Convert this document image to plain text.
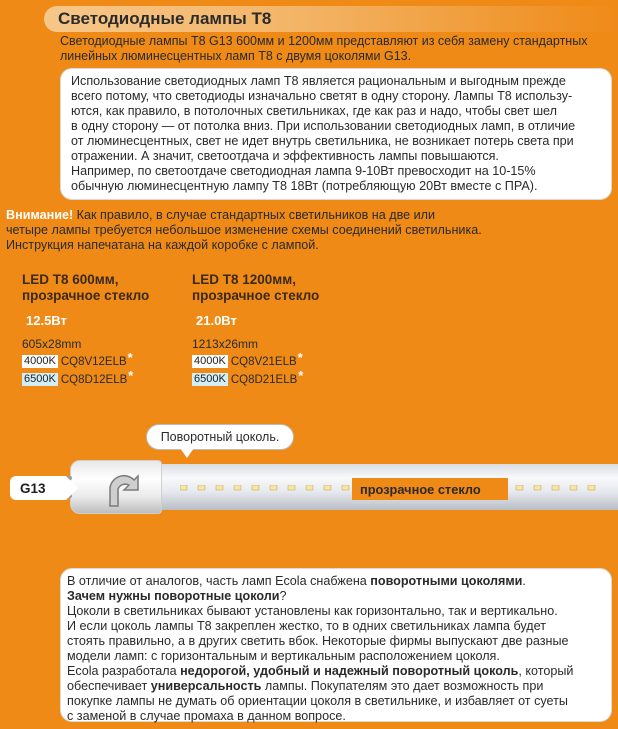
Светодиодные лампы Т8
Светодиодные лампы Т8 G13 600мм и 1200мм представляют из себя замену стандартных линейных люминесцентных ламп Т8 с двумя цоколями G13.

Использование светодиодных ламп Т8 является рациональным и выгодным прежде

всего потому, что светодиоды изначально светят в одну сторону. Лампы Т8 использу-

ются, как правило, в потолочных светильниках, где как раз и надо, чтобы свет шел

в одну сторону — от потолка вниз. При использовании светодиодных ламп, в отличие

от люминесцентных, свет не идет внутрь светильника, не возникает потерь света при

отражении. А значит, светоотдача и эффективность лампы повышаются.

Например, по светоотдаче светодиодная лампа 9-10Вт превосходит на 10-15%

обычную люминесцентную лампу Т8 18Вт (потребляющую 20Вт вместе с ПРА).

Внимание! Как правило, в случае стандартных светильников на две или
четыре лампы требуется небольшое изменение схемы соединений светильника.
Инструкция напечатана на каждой коробке с лампой.
LED T8 600мм,
прозрачное стекло
12.5Вт
605x28mm
4000K CQ8V12ELB *
6500K CQ8D12ELB *
LED T8 1200мм,
прозрачное стекло
21.0Вт
1213x26mm
4000K CQ8V21ELB *
6500K CQ8D21ELB *
G13
Поворотный цоколь.
прозрачное стекло
В отличие от аналогов, часть ламп Ecola снабжена поворотными цоколями.
Зачем нужны поворотные цоколи?
Цоколи в светильниках бывают установлены как горизонтально, так и вертикально.
И если цоколь лампы Т8 закреплен жестко, то в одних светильниках лампа будет
стоять правильно, а в других светить вбок. Некоторые фирмы выпускают две разные
модели ламп: с горизонтальным и вертикальным расположением цоколя.
Ecola разработала недорогой, удобный и надежный поворотный цоколь, который
обеспечивает универсальность лампы. Покупателям это дает возможность при
покупке лампы не думать об ориентации цоколя в светильнике, и избавляет от суеты
с заменой в случае промаха в данном вопросе.
